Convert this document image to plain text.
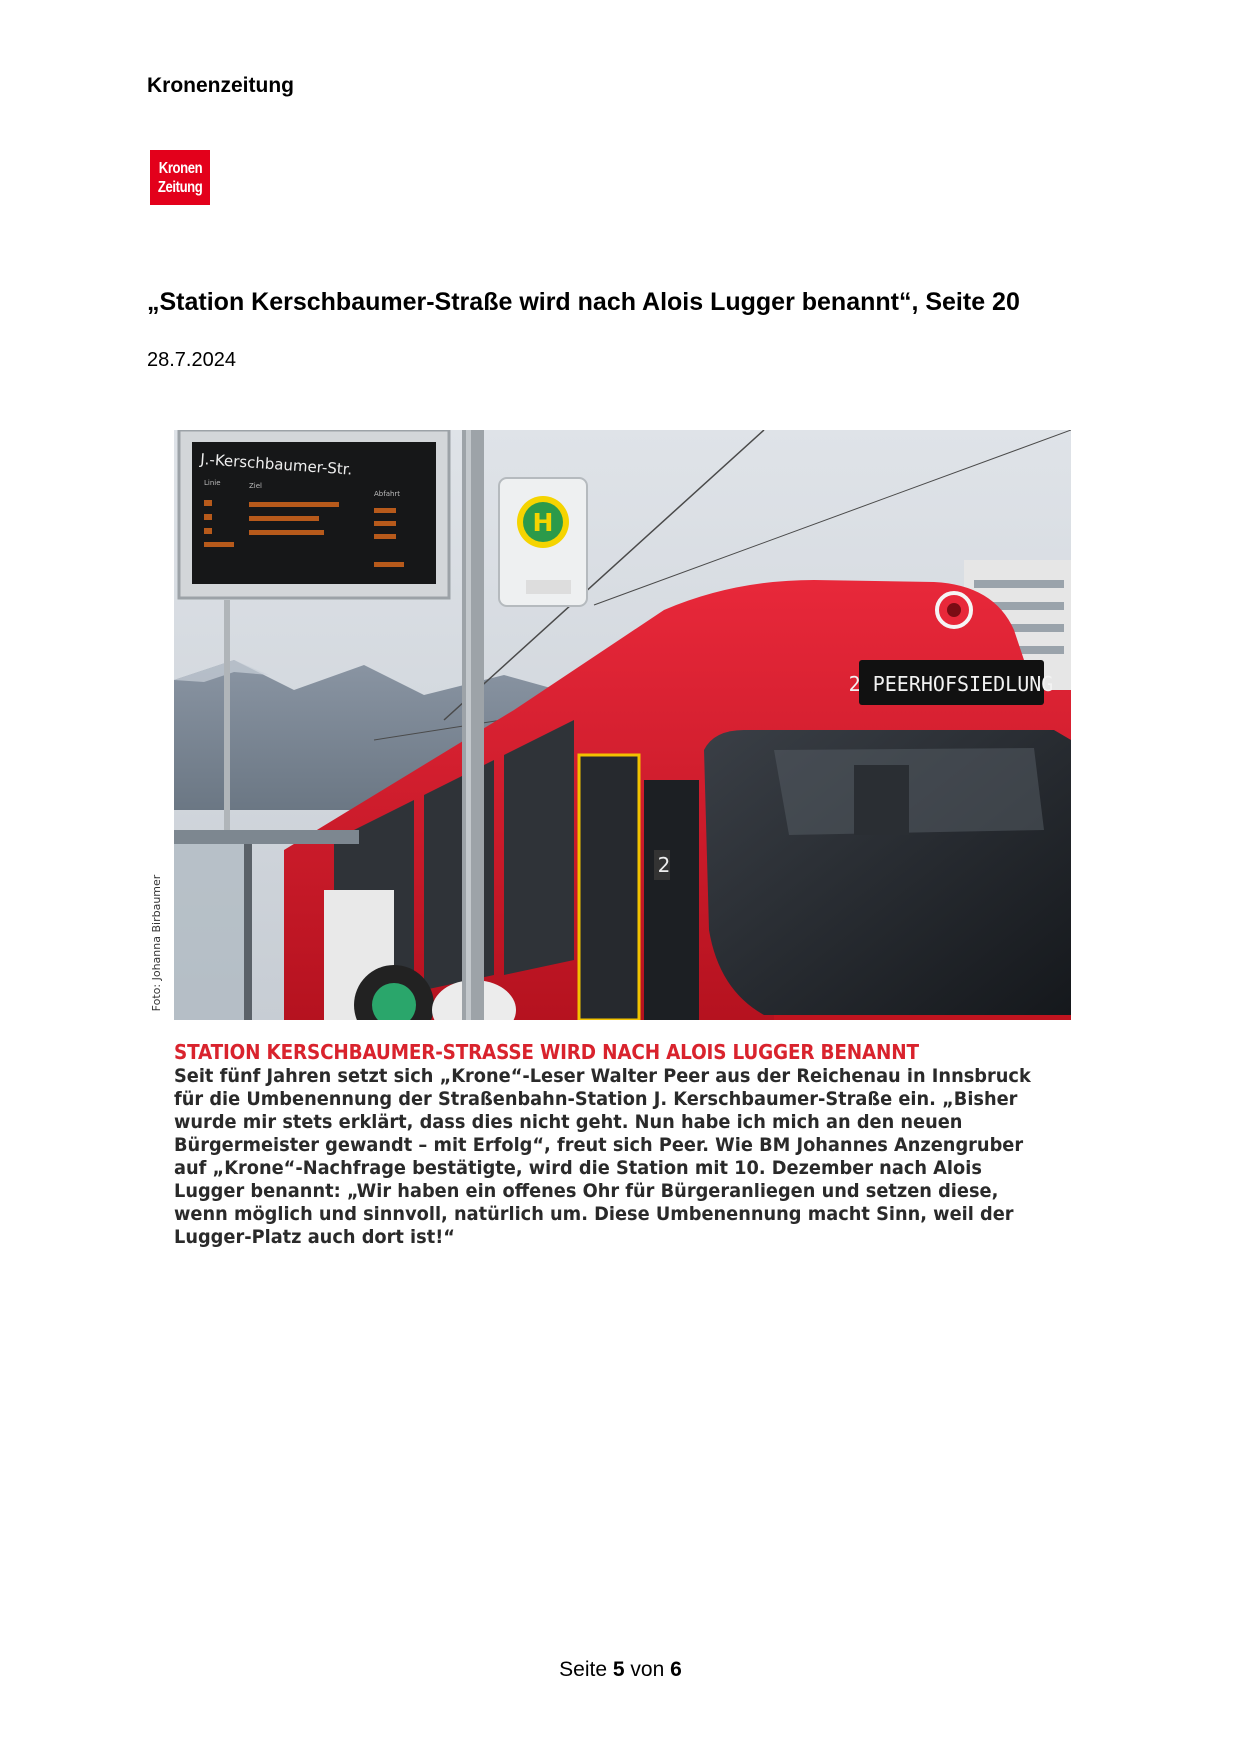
Kronenzeitung
Kronen
Zeitung
„Station Kerschbaumer-Straße wird nach Alois Lugger benannt“, Seite 20
28.7.2024
Foto: Johanna Birbaumer
2 PEERHOFSIEDLUNG
2
J.-Kerschbaumer-Str.
Linie	Ziel
Abfahrt
H
STATION KERSCHBAUMER-STRASSE WIRD NACH ALOIS LUGGER BENANNT
Seit fünf Jahren setzt sich „Krone“-Leser Walter Peer aus der Reichenau in Innsbruck für die Umbenennung der Straßenbahn-Station J. Kerschbaumer-Straße ein. „Bisher wurde mir stets erklärt, dass dies nicht geht. Nun habe ich mich an den neuen Bürgermeister gewandt – mit Erfolg“, freut sich Peer. Wie BM Johannes Anzengruber auf „Krone“-Nachfrage bestätigte, wird die Station mit 10. Dezember nach Alois Lugger benannt: „Wir haben ein offenes Ohr für Bürgeranliegen und setzen diese, wenn möglich und sinnvoll, natürlich um. Diese Umbenennung macht Sinn, weil der Lugger-Platz auch dort ist!“
Seite 5 von 6
